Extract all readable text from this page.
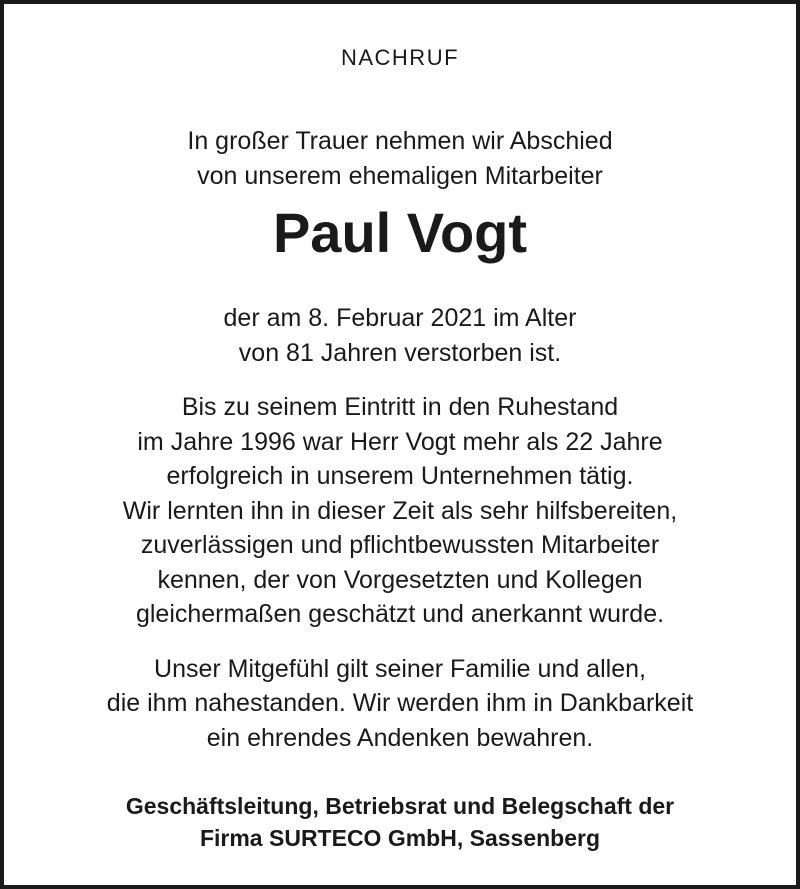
NACHRUF
In großer Trauer nehmen wir Abschied
von unserem ehemaligen Mitarbeiter
Paul Vogt
der am 8. Februar 2021 im Alter
von 81 Jahren verstorben ist.
Bis zu seinem Eintritt in den Ruhestand
im Jahre 1996 war Herr Vogt mehr als 22 Jahre
erfolgreich in unserem Unternehmen tätig.
Wir lernten ihn in dieser Zeit als sehr hilfsbereiten,
zuverlässigen und pflichtbewussten Mitarbeiter
kennen, der von Vorgesetzten und Kollegen
gleichermaßen geschätzt und anerkannt wurde.
Unser Mitgefühl gilt seiner Familie und allen,
die ihm nahestanden. Wir werden ihm in Dankbarkeit
ein ehrendes Andenken bewahren.
Geschäftsleitung, Betriebsrat und Belegschaft der
Firma SURTECO GmbH, Sassenberg
